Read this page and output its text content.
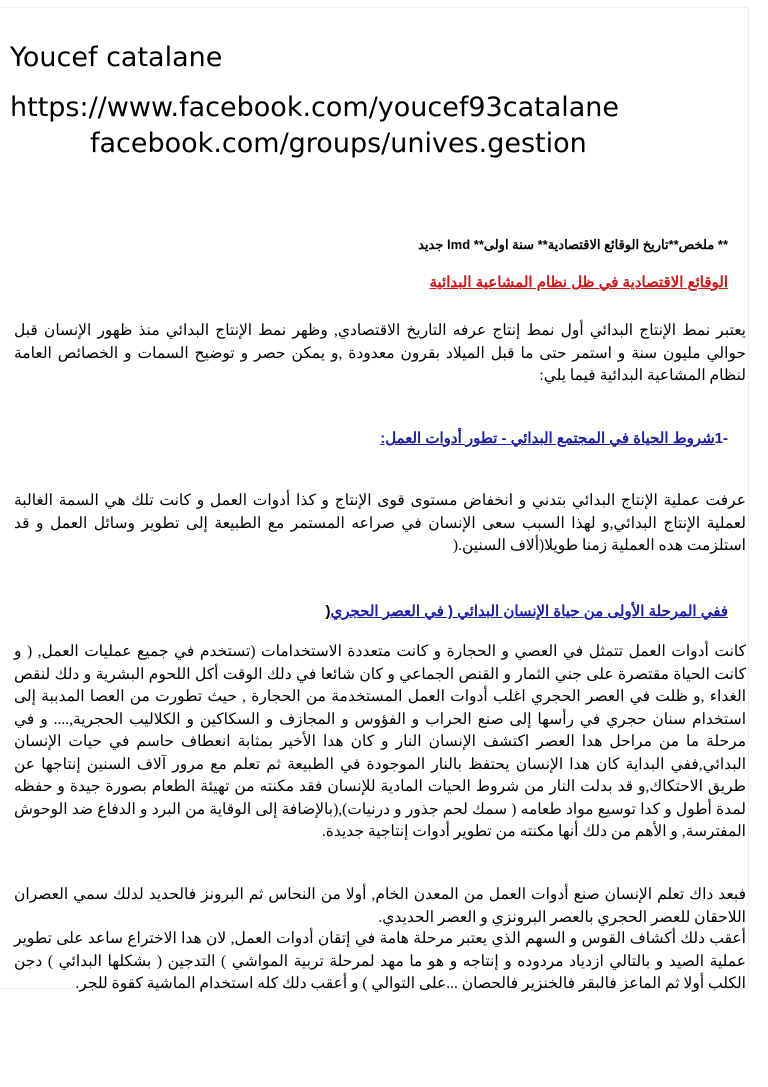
Youcef catalane
https://www.facebook.com/youcef93catalane
facebook.com/groups/unives.gestion
** ملخص**تاريخ الوقائع الاقتصادية** سنة اولى** lmd جديد
الوقائع الاقتصادية في ظل نظام المشاعية البدائية
يعتبر نمط الإنتاج البدائي أول نمط إنتاج عرفه التاريخ الاقتصادي, وظهر نمط الإنتاج البدائي منذ ظهور الإنسان قبل حوالي مليون سنة و استمر حتى ما قبل الميلاد بقرون معدودة ,و يمكن حصر و توضيح السمات و الخصائص العامة لنظام المشاعية البدائية فيما يلي:
-1شروط الحياة في المجتمع البدائي - تطور أدوات العمل:
عرفت عملية الإنتاج البدائي بتدني و انخفاض مستوى قوى الإنتاج و كذا أدوات العمل و كانت تلك هي السمة الغالبة لعملية الإنتاج البدائي,و لهذا السبب سعى الإنسان في صراعه المستمر مع الطبيعة إلى تطوير وسائل العمل و قد استلزمت هده العملية زمنا طويلا(ألاف السنين.(
ففي المرحلة الأولى من حياة الإنسان البدائي ( في العصر الحجري(
كانت أدوات العمل تتمثل في العصي و الحجارة و كانت متعددة الاستخدامات (تستخدم في جميع عمليات العمل, ( و كانت الحياة مقتصرة على جني الثمار و القنص الجماعي و كان شائعا في دلك الوقت أكل اللحوم البشرية و دلك لنقص الغداء ,و ظلت في العصر الحجري اغلب أدوات العمل المستخدمة من الحجارة , حيث تطورت من العصا المدببة إلى استخدام سنان حجري في رأسها إلى صنع الحراب و الفؤوس و المجازف و السكاكين و الكلاليب الحجرية,.... و في مرحلة ما من مراحل هدا العصر اكتشف الإنسان النار و كان هدا الأخير بمثابة انعطاف حاسم في حيات الإنسان البدائي,ففي البداية كان هدا الإنسان يحتفظ بالنار الموجودة في الطبيعة ثم تعلم مع مرور آلاف السنين إنتاجها عن طريق الاحتكاك,و قد بدلت النار من شروط الحيات المادية للإنسان فقد مكنته من تهيئة الطعام بصورة جيدة و حفظه لمدة أطول و كدا توسيع مواد طعامه ( سمك لحم جذور و درنيات),(بالإضافة إلى الوقاية من البرد و الدفاع ضد الوحوش المفترسة, و الأهم من دلك أنها مكنته من تطوير أدوات إنتاجية جديدة.
فبعد داك تعلم الإنسان صنع أدوات العمل من المعدن الخام, أولا من النحاس ثم البرونز فالحديد لدلك سمي العصران اللاحقان للعصر الحجري بالعصر البرونزي و العصر الحديدي.
أعقب دلك أكشاف القوس و السهم الذي يعتبر مرحلة هامة في إتقان أدوات العمل, لان هدا الاختراع ساعد على تطوير عملية الصيد و بالتالي ازدياد مردوده و إنتاجه و هو ما مهد لمرحلة تربية المواشي ) التدجين ( بشكلها البدائي ) دجن الكلب أولا ثم الماعز فالبقر فالخنزير فالحصان ...على التوالي ) و أعقب دلك كله استخدام الماشية كقوة للجر.
